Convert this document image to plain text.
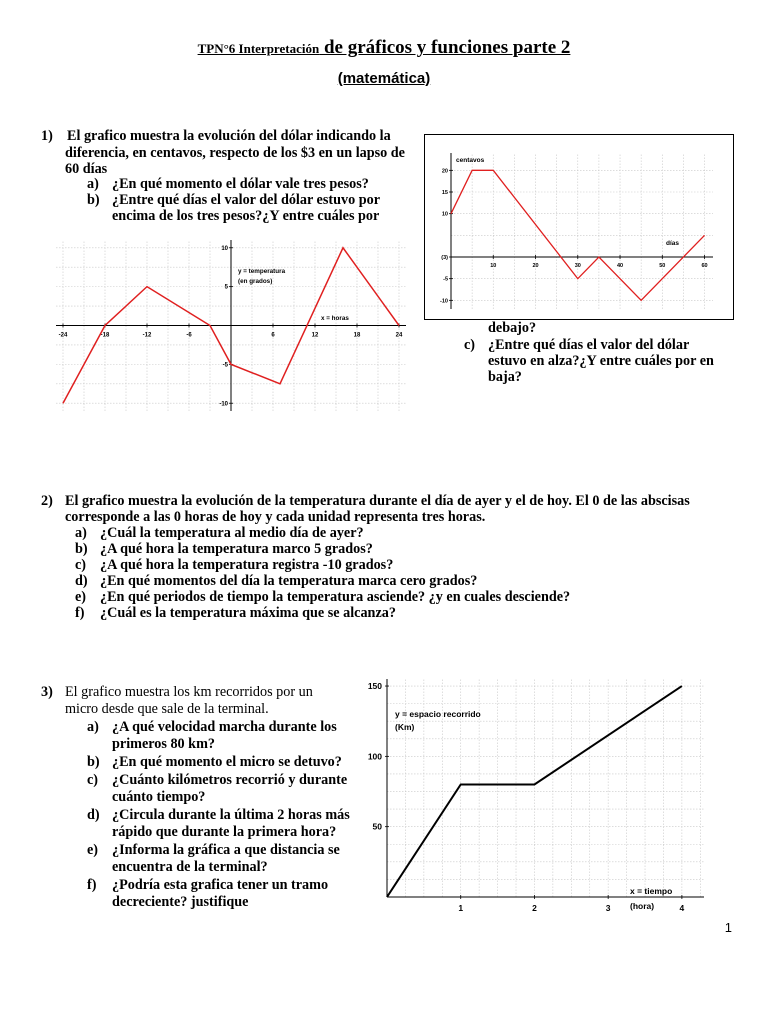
TPN°6 Interpretación de gráficos y funciones parte 2
(matemática)
1) El grafico muestra la evolución del dólar indicando la
diferencia, en centavos, respecto de los $3 en un lapso de
60 días
a) ¿En qué momento el dólar vale tres pesos?
b) ¿Entre qué días el valor del dólar estuvo por
encima de los tres pesos?¿Y entre cuáles por
debajo?
c) ¿Entre qué días el valor del dólar
estuvo en alza?¿Y entre cuáles por en
baja?
10	20	30	40	50	60
20
15
10
(3)
-5
-10
centavos
días
-24	-18	-12	-6	6	12	18	24
10
5
-5
-10
y = temperatura
(en grados)
x = horas
2) El grafico muestra la evolución de la temperatura durante el día de ayer y el de hoy. El 0 de las abscisas
corresponde a las 0 horas de hoy y cada unidad representa tres horas.
a) ¿Cuál la temperatura al medio día de ayer?
b) ¿A qué hora la temperatura marco 5 grados?
c) ¿A qué hora la temperatura registra -10 grados?
d) ¿En qué momentos del día la temperatura marca cero grados?
e) ¿En qué periodos de tiempo la temperatura asciende? ¿y en cuales desciende?
f) ¿Cuál es la temperatura máxima que se alcanza?
3) El grafico muestra los km recorridos por un
micro desde que sale de la terminal.
a) ¿A qué velocidad marcha durante los
primeros 80 km?
b) ¿En qué momento el micro se detuvo?
c) ¿Cuánto kilómetros recorrió y durante
cuánto tiempo?
d) ¿Circula durante la última 2 horas más
rápido que durante la primera hora?
e) ¿Informa la gráfica a que distancia se
encuentra de la terminal?
f) ¿Podría esta grafica tener un tramo
decreciente? justifique	1	2	3	4
150
100
50
y = espacio recorrido
(Km)
x = tiempo
(hora)
1
